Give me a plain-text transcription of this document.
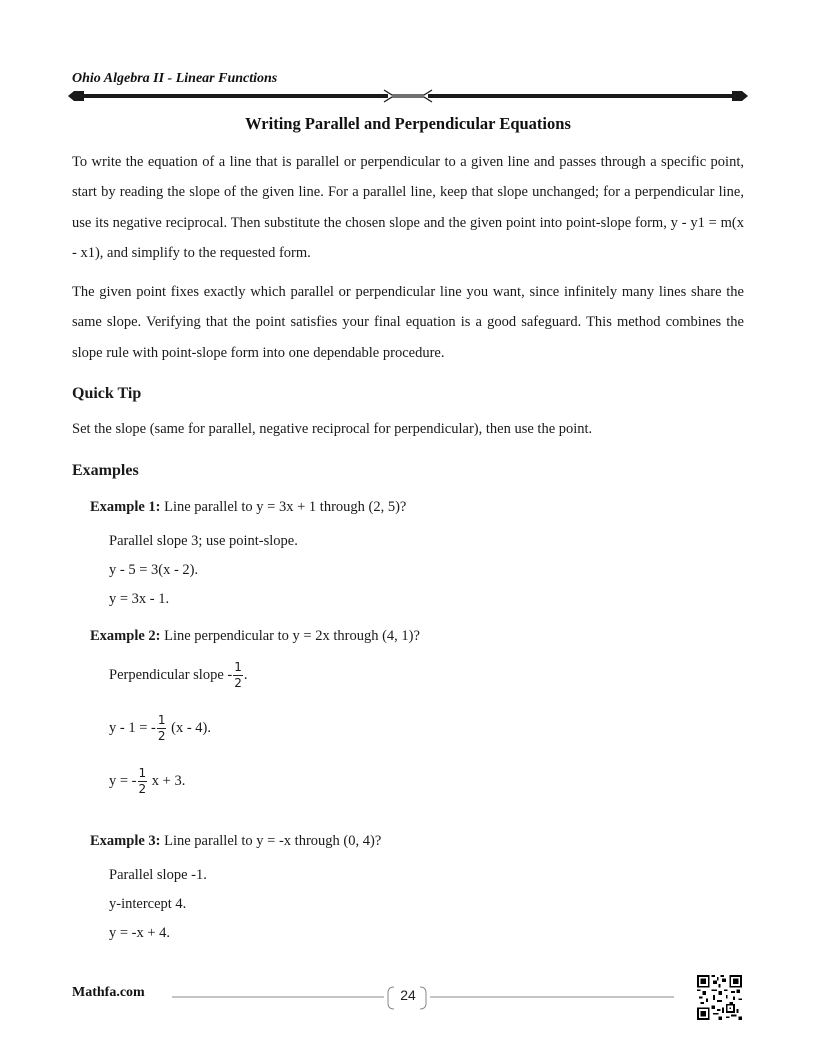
Ohio Algebra II - Linear Functions
Writing Parallel and Perpendicular Equations

To write the equation of a line that is parallel or perpendicular to a given line and passes through a specific point, start by reading the slope of the given line. For a parallel line, keep that slope unchanged; for a perpendicular line, use its negative reciprocal. Then substitute the chosen slope and the given point into point-slope form, y - y1 = m(x - x1), and simplify to the requested form.

The given point fixes exactly which parallel or perpendicular line you want, since infinitely many lines share the same slope. Verifying that the point satisfies your final equation is a good safeguard. This method combines the slope rule with point-slope form into one dependable procedure.

Quick Tip
Set the slope (same for parallel, negative reciprocal for perpendicular), then use the point.
Examples
Example 1: Line parallel to y = 3x + 1 through (2, 5)?
Parallel slope 3; use point-slope.
y - 5 = 3(x - 2).
y = 3x - 1.
Example 2: Line perpendicular to y = 2x through (4, 1)?
Perpendicular slope - $\frac{1}{2}$ .
y - 1 = - $\frac{1}{2} (x - 4)$.
y = - $\frac{1}{2}$ x + 3.
Example 3: Line parallel to y = -x through (0, 4)?
Parallel slope -1.
y-intercept 4.
y = -x + 4.
Mathfa.com	24
